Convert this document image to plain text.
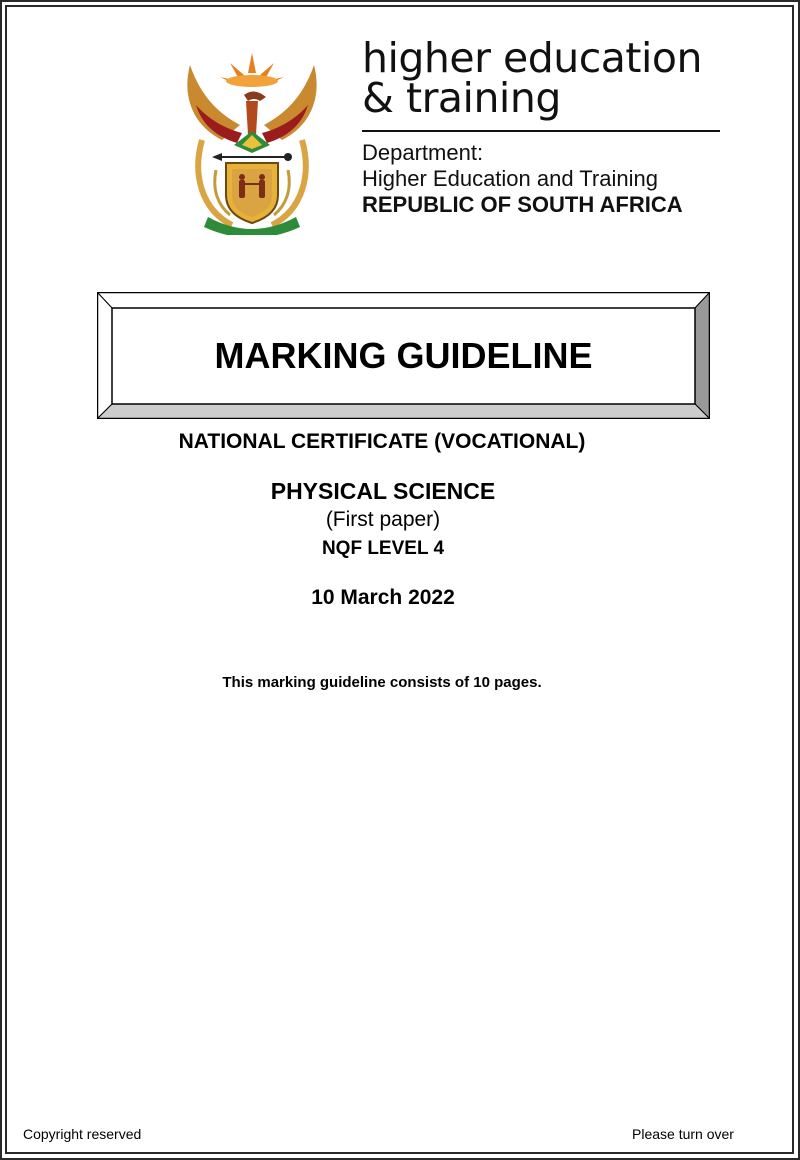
higher education
& training
Department:
Higher Education and Training
REPUBLIC OF SOUTH AFRICA
MARKING GUIDELINE
NATIONAL CERTIFICATE (VOCATIONAL)
PHYSICAL SCIENCE
(First paper)
NQF LEVEL 4
10 March 2022
This marking guideline consists of 10 pages.
Copyright reserved	Please turn over
